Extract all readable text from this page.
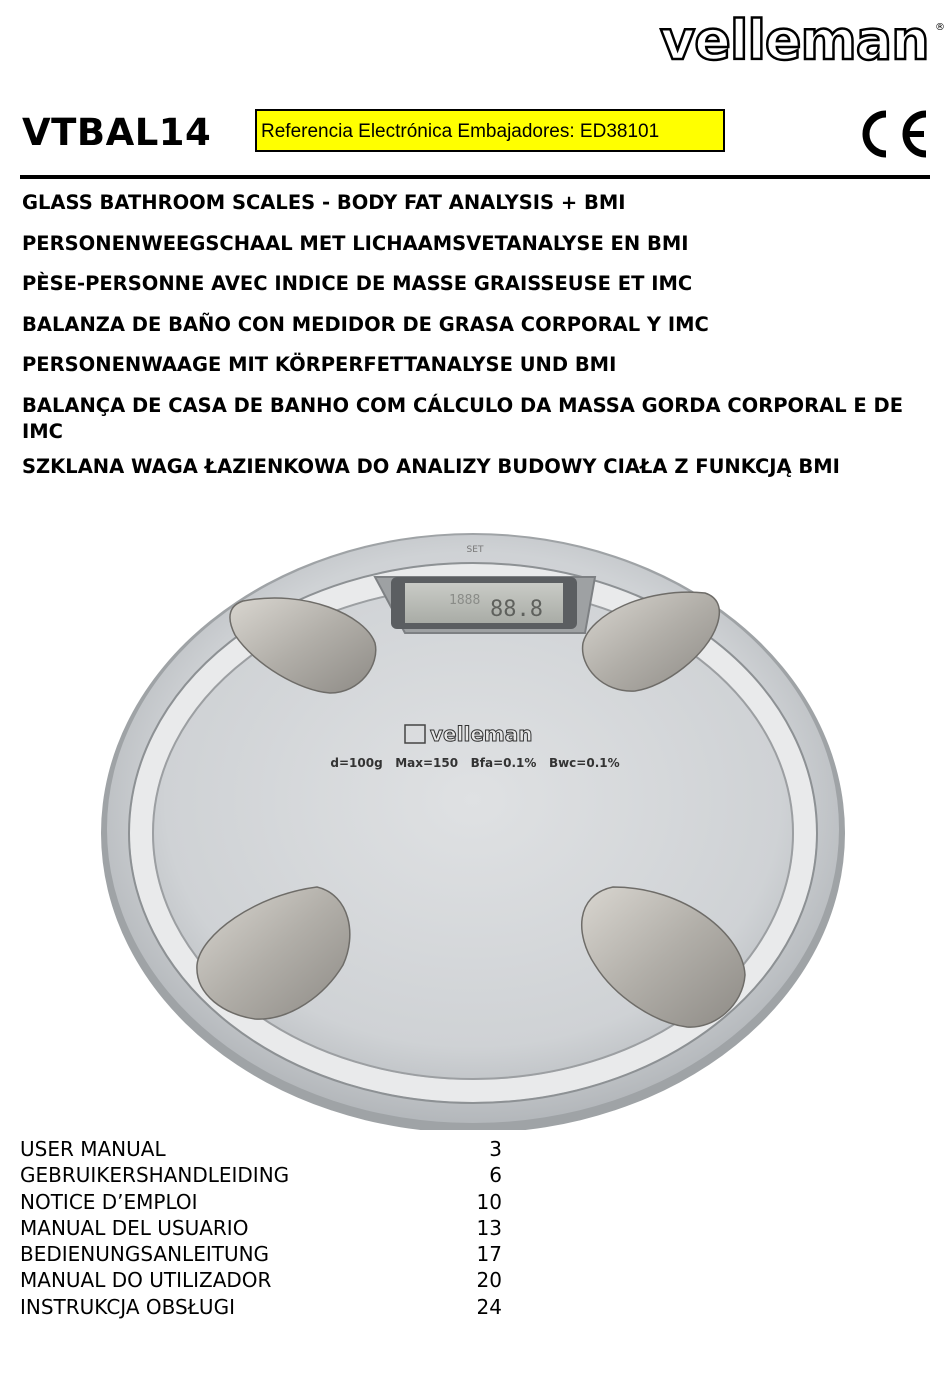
velleman ®
VTBAL14	Referencia Electrónica Embajadores: ED38101
GLASS BATHROOM SCALES - BODY FAT ANALYSIS + BMI
PERSONENWEEGSCHAAL MET LICHAAMSVETANALYSE EN BMI
PÈSE-PERSONNE AVEC INDICE DE MASSE GRAISSEUSE ET IMC
BALANZA DE BAÑO CON MEDIDOR DE GRASA CORPORAL Y IMC
PERSONENWAAGE MIT KÖRPERFETTANALYSE UND BMI
BALANÇA DE CASA DE BANHO COM CÁLCULO DA MASSA GORDA CORPORAL E DE IMC
SZKLANA WAGA ŁAZIENKOWA DO ANALIZY BUDOWY CIAŁA Z FUNKCJĄ BMI
SET
1888 88.8
velleman
d=100g   Max=150   Bfa=0.1%   Bwc=0.1%
USER MANUAL	3
GEBRUIKERSHANDLEIDING	6
NOTICE D’EMPLOI	10
MANUAL DEL USUARIO	13
BEDIENUNGSANLEITUNG	17
MANUAL DO UTILIZADOR	20
INSTRUKCJA OBSŁUGI	24
